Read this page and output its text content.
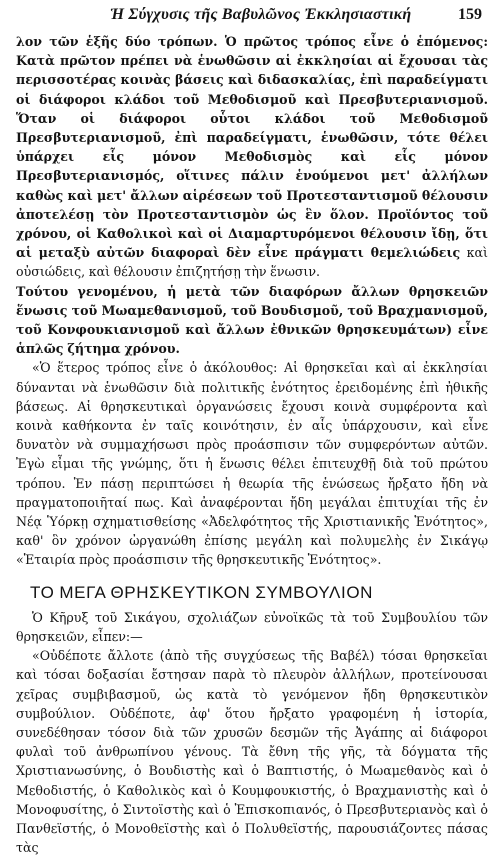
Ἡ Σύγχυσις τῆς Βαβυλῶνος Ἐκκλησιαστική	159

λον τῶν ἑξῆς δύο τρόπων. Ὁ πρῶτος τρόπος εἶνε ὁ ἑπόμενος: Κατὰ πρῶτον πρέπει νὰ ἑνωθῶσιν αἱ ἐκκλησίαι αἱ ἔχουσαι τὰς περισσοτέρας κοινὰς βάσεις καὶ διδασκαλίας, ἐπὶ παραδείγματι οἱ διάφοροι κλάδοι τοῦ Μεθοδισμοῦ καὶ Πρεσβυτεριανισμοῦ. Ὅταν οἱ διάφοροι οὗτοι κλάδοι τοῦ Μεθοδισμοῦ Πρεσβυτεριανισμοῦ, ἐπὶ παραδείγματι, ἑνωθῶσιν, τότε θέλει ὑπάρχει εἷς μόνον Μεθοδισμὸς καὶ εἷς μόνον Πρεσβυτεριανισμός, οἵτινες πάλιν ἑνούμενοι μετ' ἀλλήλων καθὼς καὶ μετ' ἄλλων αἱρέσεων τοῦ Προτεσταντισμοῦ θέλουσιν ἀποτελέσῃ τὸν Προτεσταντισμὸν ὡς ἓν ὅλον. Προϊόντος τοῦ χρόνου, οἱ Καθολικοὶ καὶ οἱ Διαμαρτυρόμενοι θέλουσιν ἴδῃ, ὅτι αἱ μεταξὺ αὐτῶν διαφοραὶ δὲν εἶνε πράγματι θεμελιώδεις καὶ οὐσιώδεις, καὶ θέλουσιν ἐπιζητήσῃ τὴν ἕνωσιν.

Τούτου γενομένου, ἡ μετὰ τῶν διαφόρων ἄλλων θρησκειῶν ἕνωσις τοῦ Μωαμεθανισμοῦ, τοῦ Βουδισμοῦ, τοῦ Βραχμανισμοῦ, τοῦ Κονφουκιανισμοῦ καὶ ἄλλων ἐθνικῶν θρησκευμάτων) εἶνε ἁπλῶς ζήτημα χρόνου.

«Ὁ ἕτερος τρόπος εἶνε ὁ ἀκόλουθος: Αἱ θρησκεῖαι καὶ αἱ ἐκκλησίαι δύνανται νὰ ἑνωθῶσιν διὰ πολιτικῆς ἑνότητος ἐρειδομένης ἐπὶ ἠθικῆς βάσεως. Αἱ θρησκευτικαὶ ὀργανώσεις ἔχουσι κοινὰ συμφέροντα καὶ κοινὰ καθήκοντα ἐν ταῖς κοινότησιν, ἐν αἷς ὑπάρχουσιν, καὶ εἶνε δυνατὸν νὰ συμμαχήσωσι πρὸς προάσπισιν τῶν συμφερόντων αὐτῶν. Ἐγὼ εἶμαι τῆς γνώμης, ὅτι ἡ ἕνωσις θέλει ἐπιτευχθῇ διὰ τοῦ πρώτου τρόπου. Ἐν πάσῃ περιπτώσει ἡ θεωρία τῆς ἑνώσεως ἤρξατο ἤδη νὰ πραγματοποιῆταί πως. Καὶ ἀναφέρονται ἤδη μεγάλαι ἐπιτυχίαι τῆς ἐν Νέᾳ Ὑόρκῃ σχηματισθείσης «Ἀδελφότητος τῆς Χριστιανικῆς Ἑνότητος», καθ' ὃν χρόνον ὠργανώθη ἐπίσης μεγάλη καὶ πολυμελὴς ἐν Σικάγῳ «Ἑταιρία πρὸς προάσπισιν τῆς θρησκευτικῆς Ἑνότητος».

ΤΟ ΜΕΓΑ ΘΡΗΣΚΕΥΤΙΚΟΝ ΣΥΜΒΟΥΛΙΟΝ

Ὁ Κῆρυξ τοῦ Σικάγου, σχολιάζων εὐνοϊκῶς τὰ τοῦ Συμβουλίου τῶν θρησκειῶν, εἶπεν:—

«Οὐδέποτε ἄλλοτε (ἀπὸ τῆς συγχύσεως τῆς Βαβέλ) τόσαι θρησκεῖαι καὶ τόσαι δοξασίαι ἔστησαν παρὰ τὸ πλευρὸν ἀλλήλων, προτείνουσαι χεῖρας συμβιβασμοῦ, ὡς κατὰ τὸ γενόμενον ἤδη θρησκευτικὸν συμβούλιον. Οὐδέποτε, ἀφ' ὅτου ἤρξατο γραφομένη ἡ ἱστορία, συνεδέθησαν τόσον διὰ τῶν χρυσῶν δεσμῶν τῆς Ἀγάπης αἱ διάφοροι φυλαὶ τοῦ ἀνθρωπίνου γένους. Τὰ ἔθνη τῆς γῆς, τὰ δόγματα τῆς Χριστιανωσύνης, ὁ Βουδιστὴς καὶ ὁ Βαπτιστής, ὁ Μωαμεθανὸς καὶ ὁ Μεθοδιστής, ὁ Καθολικὸς καὶ ὁ Κουμφουκιστής, ὁ Βραχμανιστὴς καὶ ὁ Μονοφυσίτης, ὁ Σιντοϊστὴς καὶ ὁ Ἐπισκοπιανός, ὁ Πρεσβυτεριανὸς καὶ ὁ Πανθεϊστής, ὁ Μονοθεϊστὴς καὶ ὁ Πολυθεϊστής, παρουσιάζοντες πάσας τὰς
